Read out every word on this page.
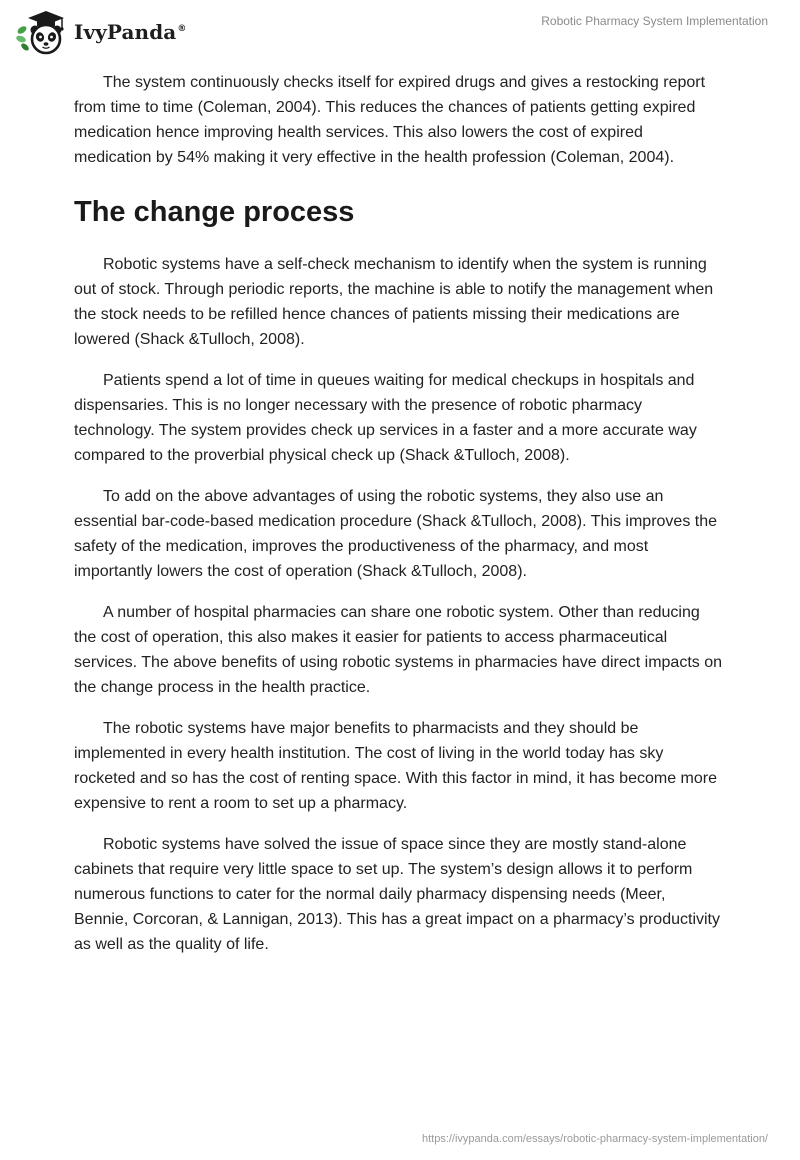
IvyPanda®
Robotic Pharmacy System Implementation

The system continuously checks itself for expired drugs and gives a restocking report from time to time (Coleman, 2004). This reduces the chances of patients getting expired medication hence improving health services. This also lowers the cost of expired medication by 54% making it very effective in the health profession (Coleman, 2004).

The change process

Robotic systems have a self-check mechanism to identify when the system is running out of stock. Through periodic reports, the machine is able to notify the management when the stock needs to be refilled hence chances of patients missing their medications are lowered (Shack &Tulloch, 2008).

Patients spend a lot of time in queues waiting for medical checkups in hospitals and dispensaries. This is no longer necessary with the presence of robotic pharmacy technology. The system provides check up services in a faster and a more accurate way compared to the proverbial physical check up (Shack &Tulloch, 2008).

To add on the above advantages of using the robotic systems, they also use an essential bar-code-based medication procedure (Shack &Tulloch, 2008). This improves the safety of the medication, improves the productiveness of the pharmacy, and most importantly lowers the cost of operation (Shack &Tulloch, 2008).

A number of hospital pharmacies can share one robotic system. Other than reducing the cost of operation, this also makes it easier for patients to access pharmaceutical services. The above benefits of using robotic systems in pharmacies have direct impacts on the change process in the health practice.

The robotic systems have major benefits to pharmacists and they should be implemented in every health institution. The cost of living in the world today has sky rocketed and so has the cost of renting space. With this factor in mind, it has become more expensive to rent a room to set up a pharmacy.

Robotic systems have solved the issue of space since they are mostly stand-alone cabinets that require very little space to set up. The system’s design allows it to perform numerous functions to cater for the normal daily pharmacy dispensing needs (Meer, Bennie, Corcoran, & Lannigan, 2013). This has a great impact on a pharmacy’s productivity as well as the quality of life.

https://ivypanda.com/essays/robotic-pharmacy-system-implementation/
